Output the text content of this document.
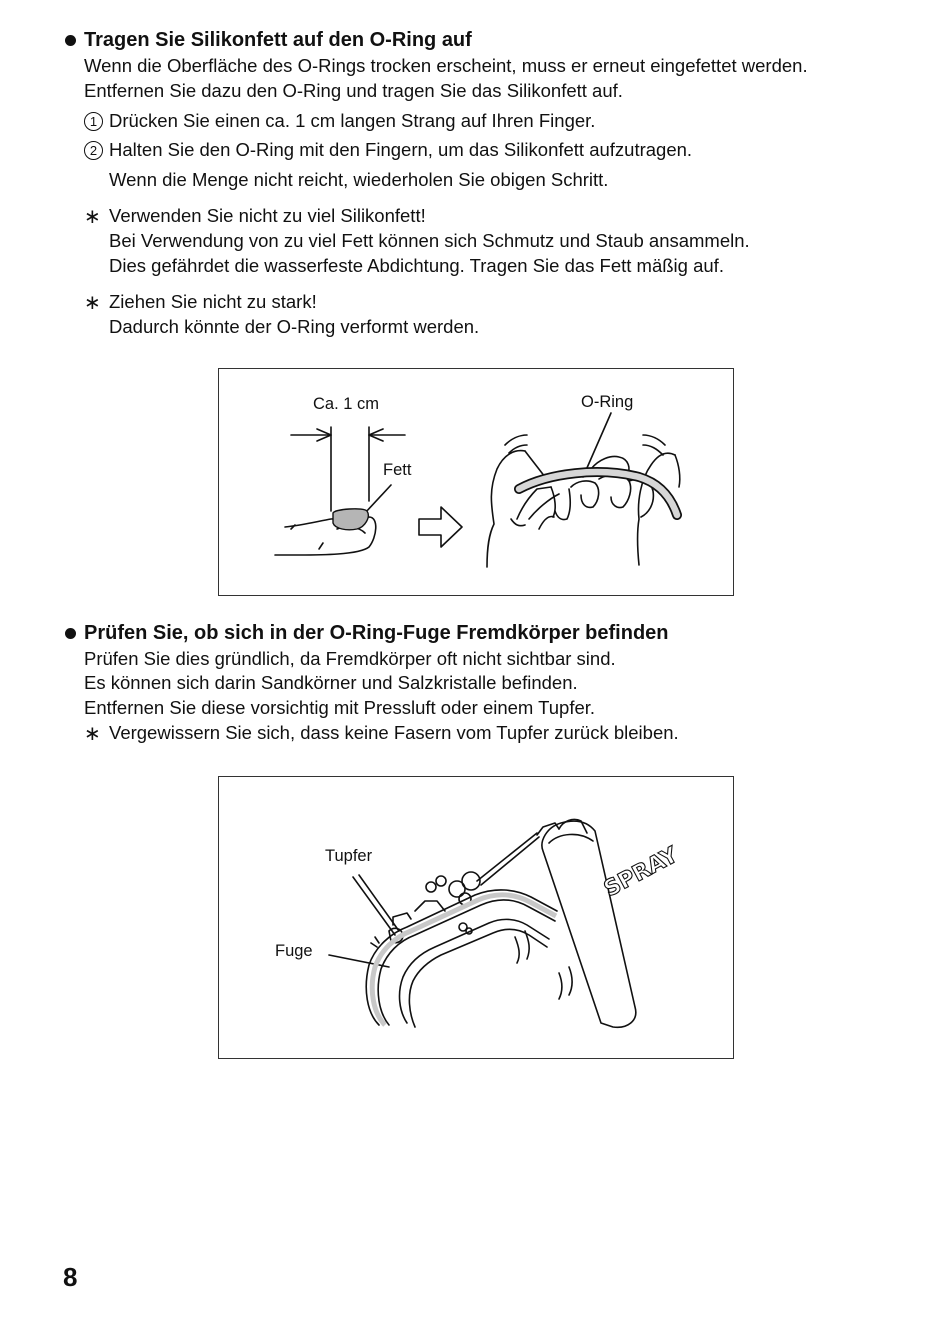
Tragen Sie Silikonfett auf den O-Ring auf
Wenn die Oberfläche des O-Rings trocken erscheint, muss er erneut eingefettet werden.
Entfernen Sie dazu den O-Ring und tragen Sie das Silikonfett auf.
1 Drücken Sie einen ca. 1 cm langen Strang auf Ihren Finger.
2 Halten Sie den O-Ring mit den Fingern, um das Silikonfett aufzutragen.
Wenn die Menge nicht reicht, wiederholen Sie obigen Schritt.
∗ Verwenden Sie nicht zu viel Silikonfett!
Bei Verwendung von zu viel Fett können sich Schmutz und Staub ansammeln.
Dies gefährdet die wasserfeste Abdichtung. Tragen Sie das Fett mäßig auf.
∗ Ziehen Sie nicht zu stark!
Dadurch könnte der O-Ring verformt werden.
Ca. 1 cm
Fett
O-Ring
Prüfen Sie, ob sich in der O-Ring-Fuge Fremdkörper befinden
Prüfen Sie dies gründlich, da Fremdkörper oft nicht sichtbar sind.
Es können sich darin Sandkörner und Salzkristalle befinden.
Entfernen Sie diese vorsichtig mit Pressluft oder einem Tupfer.
∗ Vergewissern Sie sich, dass keine Fasern vom Tupfer zurück bleiben.
SPRAY
Tupfer
Fuge
8
